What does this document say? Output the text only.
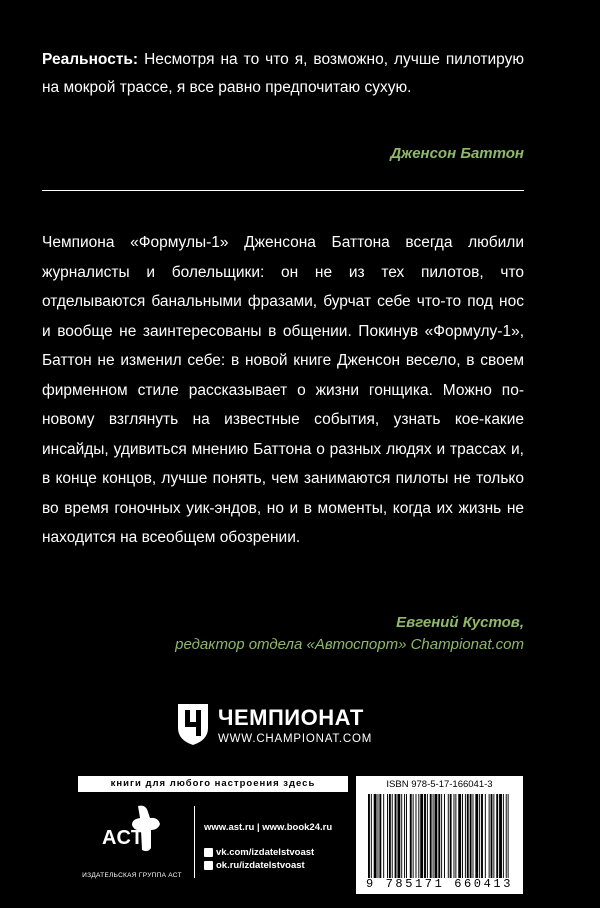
Реальность: Несмотря на то что я, возможно, лучше пилотирую на мокрой трассе, я все равно предпочитаю сухую.
Дженсон Баттон
Чемпиона «Формулы-1» Дженсона Баттона всегда любили журналисты и болельщики: он не из тех пилотов, что отделываются банальными фразами, бурчат себе что-то под нос и вообще не заинтересованы в общении. Покинув «Формулу-1», Баттон не изменил себе: в новой книге Дженсон весело, в своем фирменном стиле рассказывает о жизни гонщика. Можно по-новому взглянуть на известные события, узнать кое-какие инсайды, удивиться мнению Баттона о разных людях и трассах и, в конце концов, лучше понять, чем занимаются пилоты не только во время гоночных уик-эндов, но и в моменты, когда их жизнь не находится на всеобщем обозрении.
Евгений Кустов,
редактор отдела «Автоспорт» Championat.com
ЧЕМПИОНАТ
WWW.CHAMPIONAT.COM
книги для любого настроения здесь
ACT
ИЗДАТЕЛЬСКАЯ ГРУППА АСТ
www.ast.ru | www.book24.ru
vk.com/izdatelstvoast
ok.ru/izdatelstvoast
ISBN 978-5-17-166041-3
9 785171 660413
